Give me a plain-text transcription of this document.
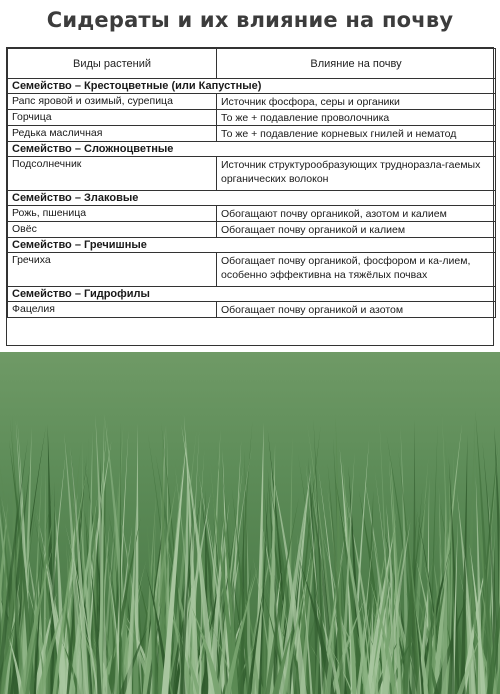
Сидераты и их влияние на почву
Виды растений	Влияние на почву
Семейство – Крестоцветные (или Капустные)	
Рапс яровой и озимый, сурепица	Источник фосфора, серы и органики
Горчица	То же + подавление проволочника
Редька масличная	То же + подавление корневых гнилей и нематод
Семейство – Сложноцветные	
Подсолнечник	Источник структурообразующих трудноразла-гаемых органических волокон
Семейство – Злаковые	
Рожь, пшеница	Обогащают почву органикой, азотом и калием
Овёс	Обогащает почву органикой и калием
Семейство – Гречишные	
Гречиха	Обогащает почву органикой, фосфором и ка-лием, особенно эффективна на тяжёлых почвах
Семейство – Гидрофилы	
Фацелия	Обогащает почву органикой и азотом
